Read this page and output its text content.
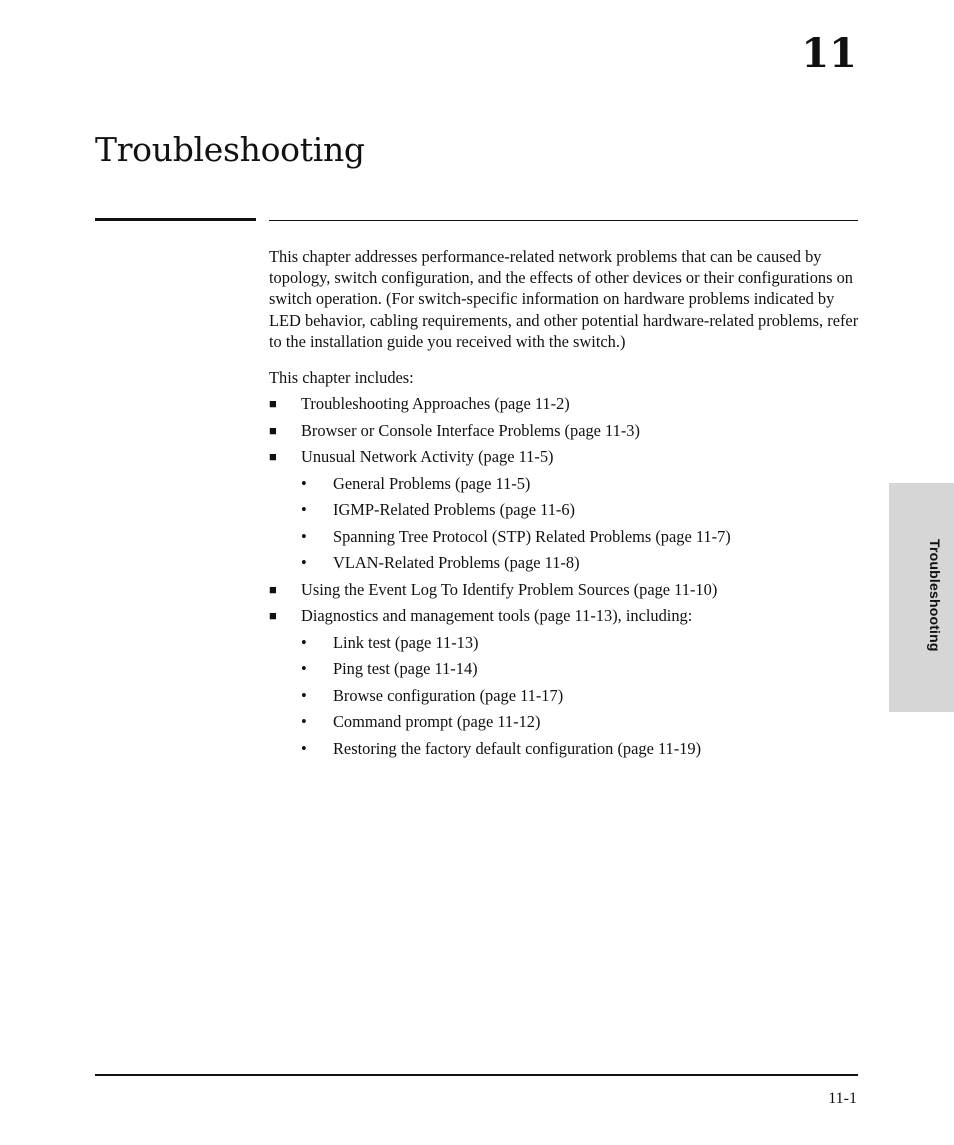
11
Troubleshooting

This chapter addresses performance-related network problems that can be caused by topology, switch configuration, and the effects of other devices or their configurations on switch operation. (For switch-specific information on hardware problems indicated by LED behavior, cabling requirements, and other potential hardware-related problems, refer to the installation guide you received with the switch.)

This chapter includes:

■ Troubleshooting Approaches (page 11-2)
■ Browser or Console Interface Problems (page 11-3)
■ Unusual Network Activity (page 11-5)
• General Problems (page 11-5)
• IGMP-Related Problems (page 11-6)
• Spanning Tree Protocol (STP) Related Problems (page 11-7)
• VLAN-Related Problems (page 11-8)
■ Using the Event Log To Identify Problem Sources (page 11-10)
■ Diagnostics and management tools (page 11-13), including:
• Link test (page 11-13)
• Ping test (page 11-14)
• Browse configuration (page 11-17)
• Command prompt (page 11-12)
• Restoring the factory default configuration (page 11-19)
Troubleshooting
11-1
